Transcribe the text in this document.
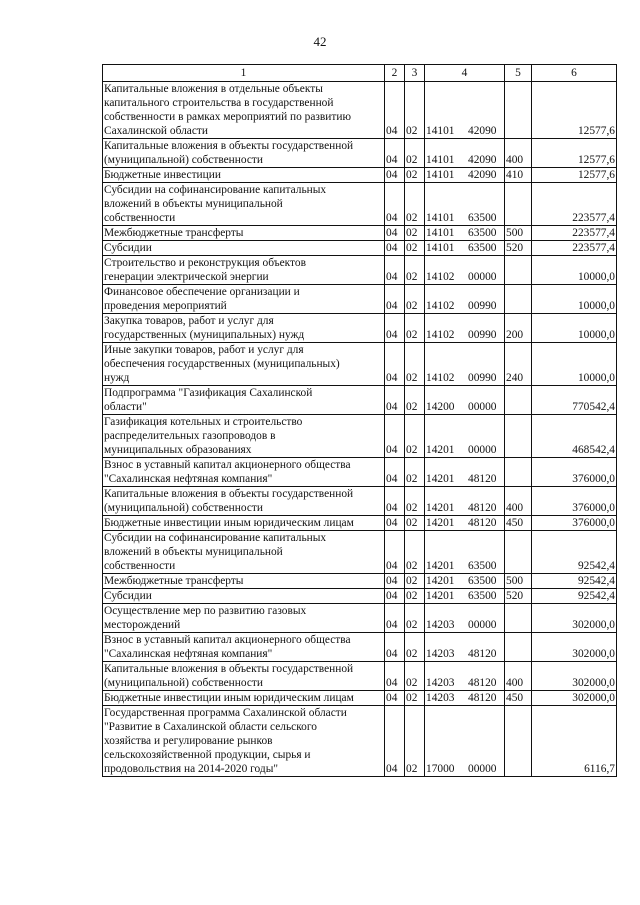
42
1	2	3	4	5	6
Капитальные вложения в отдельные объекты
капитального строительства в государственной
собственности в рамках мероприятий по развитию
Сахалинской области	04	02	14101 42090		12577,6
Капитальные вложения в объекты государственной
(муниципальной) собственности	04	02	14101 42090	400	12577,6
Бюджетные инвестиции	04	02	14101 42090	410	12577,6
Субсидии на софинансирование капитальных
вложений в объекты муниципальной
собственности	04	02	14101 63500		223577,4
Межбюджетные трансферты	04	02	14101 63500	500	223577,4
Субсидии	04	02	14101 63500	520	223577,4
Строительство и реконструкция объектов
генерации электрической энергии	04	02	14102 00000		10000,0
Финансовое обеспечение организации и
проведения мероприятий	04	02	14102 00990		10000,0
Закупка товаров, работ и услуг для
государственных (муниципальных) нужд	04	02	14102 00990	200	10000,0
Иные закупки товаров, работ и услуг для
обеспечения государственных (муниципальных)
нужд	04	02	14102 00990	240	10000,0
Подпрограмма "Газификация Сахалинской
области"	04	02	14200 00000		770542,4
Газификация котельных и строительство
распределительных газопроводов в
муниципальных образованиях	04	02	14201 00000		468542,4
Взнос в уставный капитал акционерного общества
"Сахалинская нефтяная компания"	04	02	14201 48120		376000,0
Капитальные вложения в объекты государственной
(муниципальной) собственности	04	02	14201 48120	400	376000,0
Бюджетные инвестиции иным юридическим лицам	04	02	14201 48120	450	376000,0
Субсидии на софинансирование капитальных
вложений в объекты муниципальной
собственности	04	02	14201 63500		92542,4
Межбюджетные трансферты	04	02	14201 63500	500	92542,4
Субсидии	04	02	14201 63500	520	92542,4
Осуществление мер по развитию газовых
месторождений	04	02	14203 00000		302000,0
Взнос в уставный капитал акционерного общества
"Сахалинская нефтяная компания"	04	02	14203 48120		302000,0
Капитальные вложения в объекты государственной
(муниципальной) собственности	04	02	14203 48120	400	302000,0
Бюджетные инвестиции иным юридическим лицам	04	02	14203 48120	450	302000,0
Государственная программа Сахалинской области
"Развитие в Сахалинской области сельского
хозяйства и регулирование рынков
сельскохозяйственной продукции, сырья и
продовольствия на 2014-2020 годы"	04	02	17000 00000		6116,7
